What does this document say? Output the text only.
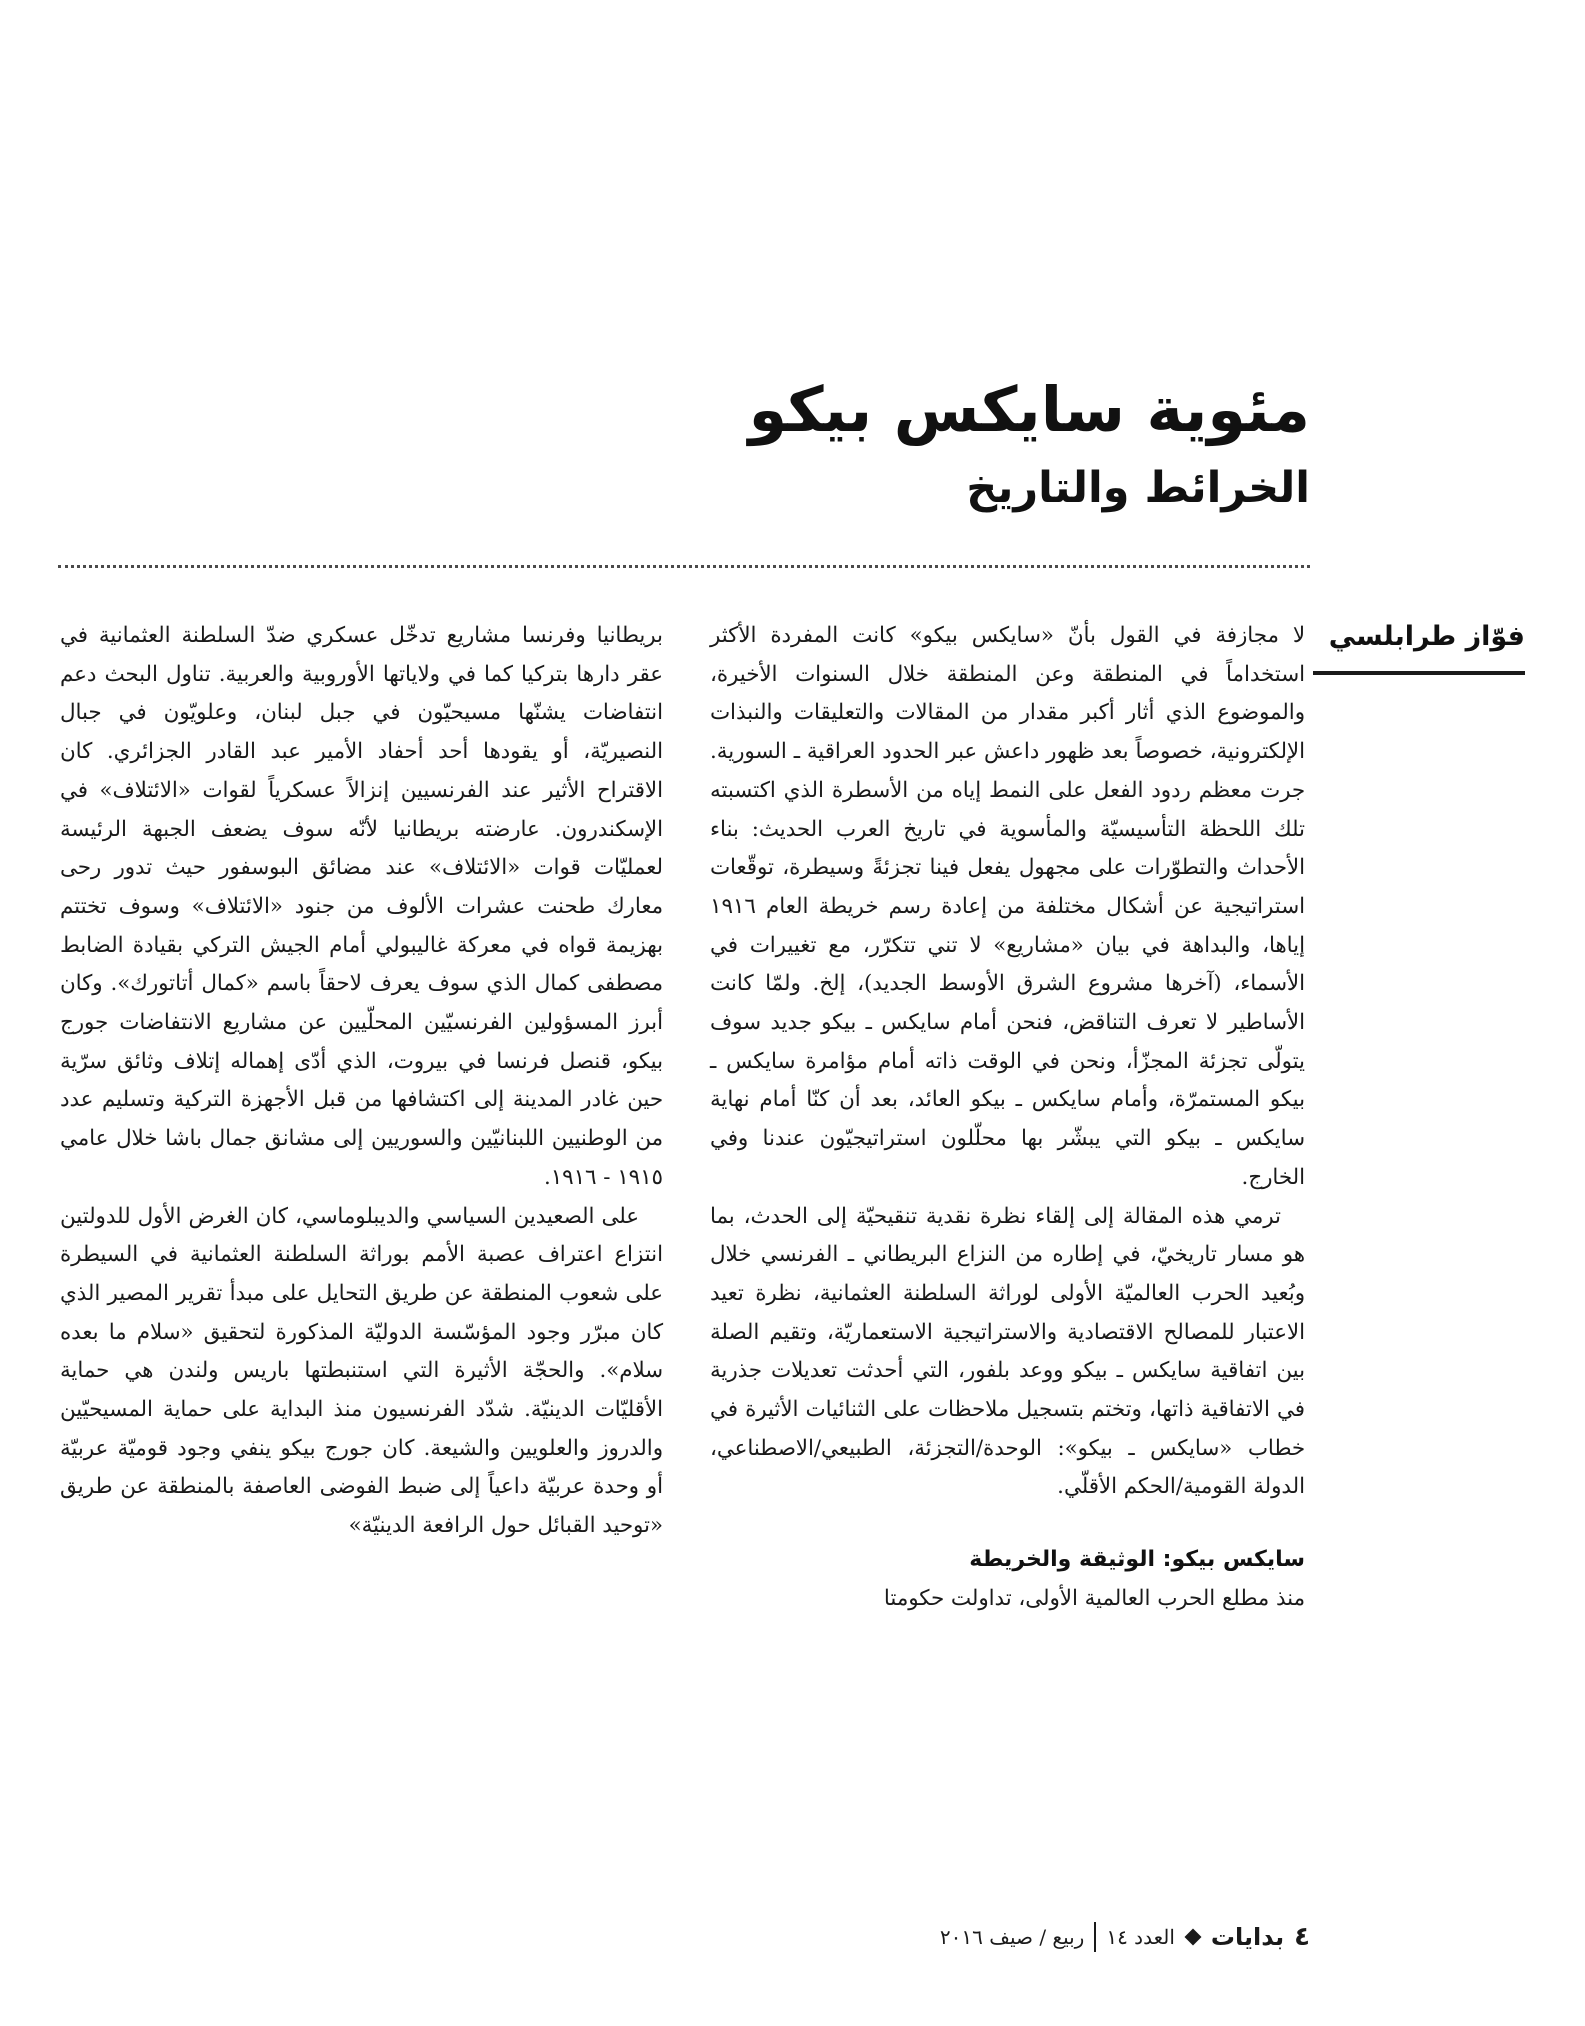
مئوية سايكس بيكو
الخرائط والتاريخ
فوّاز طرابلسي

لا مجازفة في القول بأنّ «سايكس بيكو» كانت المفردة الأكثر استخداماً في المنطقة وعن المنطقة خلال السنوات الأخيرة، والموضوع الذي أثار أكبر مقدار من المقالات والتعليقات والنبذات الإلكترونية، خصوصاً بعد ظهور داعش عبر الحدود العراقية ـ السورية. جرت معظم ردود الفعل على النمط إياه من الأسطرة الذي اكتسبته تلك اللحظة التأسيسيّة والمأسوية في تاريخ العرب الحديث: بناء الأحداث والتطوّرات على مجهول يفعل فينا تجزئةً وسيطرة، توقّعات استراتيجية عن أشكال مختلفة من إعادة رسم خريطة العام ١٩١٦ إياها، والبداهة في بيان «مشاريع» لا تني تتكرّر، مع تغييرات في الأسماء، (آخرها مشروع الشرق الأوسط الجديد)، إلخ. ولمّا كانت الأساطير لا تعرف التناقض، فنحن أمام سايكس ـ بيكو جديد سوف يتولّى تجزئة المجزّأ، ونحن في الوقت ذاته أمام مؤامرة سايكس ـ بيكو المستمرّة، وأمام سايكس ـ بيكو العائد، بعد أن كنّا أمام نهاية سايكس ـ بيكو التي يبشّر بها محلّلون استراتيجيّون عندنا وفي الخارج.

ترمي هذه المقالة إلى إلقاء نظرة نقدية تنقيحيّة إلى الحدث، بما هو مسار تاريخيّ، في إطاره من النزاع البريطاني ـ الفرنسي خلال وبُعيد الحرب العالميّة الأولى لوراثة السلطنة العثمانية، نظرة تعيد الاعتبار للمصالح الاقتصادية والاستراتيجية الاستعماريّة، وتقيم الصلة بين اتفاقية سايكس ـ بيكو ووعد بلفور، التي أحدثت تعديلات جذرية في الاتفاقية ذاتها، وتختم بتسجيل ملاحظات على الثنائيات الأثيرة في خطاب «سايكس ـ بيكو»: الوحدة/التجزئة، الطبيعي/الاصطناعي، الدولة القومية/الحكم الأقلّي.

سايكس بيكو: الوثيقة والخريطة

منذ مطلع الحرب العالمية الأولى، تداولت حكومتا

بريطانيا وفرنسا مشاريع تدخّل عسكري ضدّ السلطنة العثمانية في عقر دارها بتركيا كما في ولاياتها الأوروبية والعربية. تناول البحث دعم انتفاضات يشنّها مسيحيّون في جبل لبنان، وعلويّون في جبال النصيريّة، أو يقودها أحد أحفاد الأمير عبد القادر الجزائري. كان الاقتراح الأثير عند الفرنسيين إنزالاً عسكرياً لقوات «الائتلاف» في الإسكندرون. عارضته بريطانيا لأنّه سوف يضعف الجبهة الرئيسة لعمليّات قوات «الائتلاف» عند مضائق البوسفور حيث تدور رحى معارك طحنت عشرات الألوف من جنود «الائتلاف» وسوف تختتم بهزيمة قواه في معركة غاليبولي أمام الجيش التركي بقيادة الضابط مصطفى كمال الذي سوف يعرف لاحقاً باسم «كمال أتاتورك». وكان أبرز المسؤولين الفرنسيّين المحلّيين عن مشاريع الانتفاضات جورج بيكو، قنصل فرنسا في بيروت، الذي أدّى إهماله إتلاف وثائق سرّية حين غادر المدينة إلى اكتشافها من قبل الأجهزة التركية وتسليم عدد من الوطنيين اللبنانيّين والسوريين إلى مشانق جمال باشا خلال عامي ١٩١٥ - ١٩١٦.

على الصعيدين السياسي والديبلوماسي، كان الغرض الأول للدولتين انتزاع اعتراف عصبة الأمم بوراثة السلطنة العثمانية في السيطرة على شعوب المنطقة عن طريق التحايل على مبدأ تقرير المصير الذي كان مبرّر وجود المؤسّسة الدوليّة المذكورة لتحقيق «سلام ما بعده سلام». والحجّة الأثيرة التي استنبطتها باريس ولندن هي حماية الأقليّات الدينيّة. شدّد الفرنسيون منذ البداية على حماية المسيحيّين والدروز والعلويين والشيعة. كان جورج بيكو ينفي وجود قوميّة عربيّة أو وحدة عربيّة داعياً إلى ضبط الفوضى العاصفة بالمنطقة عن طريق «توحيد القبائل حول الرافعة الدينيّة»

٤
بدايات
العدد ١٤
ربيع / صيف ٢٠١٦
